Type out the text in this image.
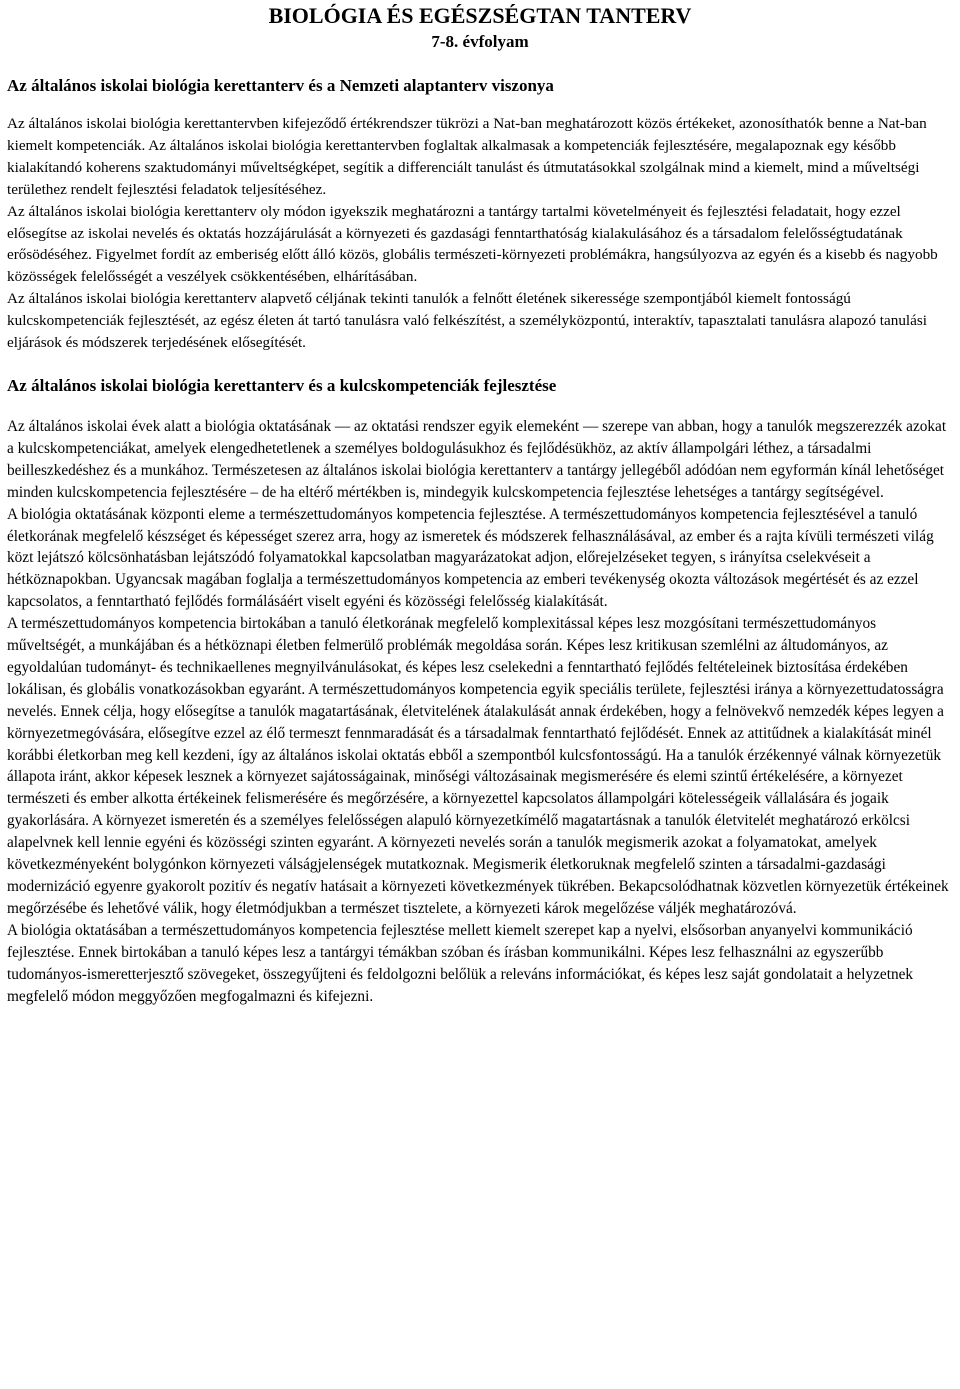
BIOLÓGIA ÉS EGÉSZSÉGTAN TANTERV
7-8. évfolyam
Az általános iskolai biológia kerettanterv és a Nemzeti alaptanterv viszonya

Az általános iskolai biológia kerettantervben kifejeződő értékrendszer tükrözi a Nat-ban meghatározott közös értékeket, azonosíthatók benne a Nat-ban kiemelt kompetenciák. Az általános iskolai biológia kerettantervben foglaltak alkalmasak a kompetenciák fejlesztésére, megalapoznak egy később kialakítandó koherens szaktudományi műveltségképet, segítik a differenciált tanulást és útmutatásokkal szolgálnak mind a kiemelt, mind a műveltségi területhez rendelt fejlesztési feladatok teljesítéséhez.

Az általános iskolai biológia kerettanterv oly módon igyekszik meghatározni a tantárgy tartalmi követelményeit és fejlesztési feladatait, hogy ezzel elősegítse az iskolai nevelés és oktatás hozzájárulását a környezeti és gazdasági fenntarthatóság kialakulásához és a társadalom felelősségtudatának erősödéséhez. Figyelmet fordít az emberiség előtt álló közös, globális természeti-környezeti problémákra, hangsúlyozva az egyén és a kisebb és nagyobb közösségek felelősségét a veszélyek csökkentésében, elhárításában.

Az általános iskolai biológia kerettanterv alapvető céljának tekinti tanulók a felnőtt életének sikeressége szempontjából kiemelt fontosságú kulcskompetenciák fejlesztését, az egész életen át tartó tanulásra való felkészítést, a személyközpontú, interaktív, tapasztalati tanulásra alapozó tanulási eljárások és módszerek terjedésének elősegítését.

Az általános iskolai biológia kerettanterv és a kulcskompetenciák fejlesztése

Az általános iskolai évek alatt a biológia oktatásának — az oktatási rendszer egyik elemeként — szerepe van abban, hogy a tanulók megszerezzék azokat a kulcskompetenciákat, amelyek elengedhetetlenek a személyes boldogulásukhoz és fejlődésükhöz, az aktív állampolgári léthez, a társadalmi beilleszkedéshez és a munkához. Természetesen az általános iskolai biológia kerettanterv a tantárgy jellegéből adódóan nem egyformán kínál lehetőséget minden kulcskompetencia fejlesztésére – de ha eltérő mértékben is, mindegyik kulcskompetencia fejlesztése lehetséges a tantárgy segítségével.

A biológia oktatásának központi eleme a természettudományos kompetencia fejlesztése. A természettudományos kompetencia fejlesztésével a tanuló életkorának megfelelő készséget és képességet szerez arra, hogy az ismeretek és módszerek felhasználásával, az ember és a rajta kívüli természeti világ közt lejátszó kölcsönhatásban lejátszódó folyamatokkal kapcsolatban magyarázatokat adjon, előrejelzéseket tegyen, s irányítsa cselekvéseit a hétköznapokban. Ugyancsak magában foglalja a természettudományos kompetencia az emberi tevékenység okozta változások megértését és az ezzel kapcsolatos, a fenntartható fejlődés formálásáért viselt egyéni és közösségi felelősség kialakítását.

A természettudományos kompetencia birtokában a tanuló életkorának megfelelő komplexitással képes lesz mozgósítani természettudományos műveltségét, a munkájában és a hétköznapi életben felmerülő problémák megoldása során. Képes lesz kritikusan szemlélni az áltudományos, az egyoldalúan tudományt- és technikaellenes megnyilvánulásokat, és képes lesz cselekedni a fenntartható fejlődés feltételeinek biztosítása érdekében lokálisan, és globális vonatkozásokban egyaránt. A természettudományos kompetencia egyik speciális területe, fejlesztési iránya a környezettudatosságra nevelés. Ennek célja, hogy elősegítse a tanulók magatartásának, életvitelének átalakulását annak érdekében, hogy a felnövekvő nemzedék képes legyen a környezetmegóvására, elősegítve ezzel az élő termeszt fennmaradását és a társadalmak fenntartható fejlődését. Ennek az attitűdnek a kialakítását minél korábbi életkorban meg kell kezdeni, így az általános iskolai oktatás ebből a szempontból kulcsfontosságú. Ha a tanulók érzékennyé válnak környezetük állapota iránt, akkor képesek lesznek a környezet sajátosságainak, minőségi változásainak megismerésére és elemi szintű értékelésére, a környezet természeti és ember alkotta értékeinek felismerésére és megőrzésére, a környezettel kapcsolatos állampolgári kötelességeik vállalására és jogaik gyakorlására. A környezet ismeretén és a személyes felelősségen alapuló környezetkímélő magatartásnak a tanulók életvitelét meghatározó erkölcsi alapelvnek kell lennie egyéni és közösségi szinten egyaránt. A környezeti nevelés során a tanulók megismerik azokat a folyamatokat, amelyek következményeként bolygónkon környezeti válságjelenségek mutatkoznak. Megismerik életkoruknak megfelelő szinten a társadalmi-gazdasági modernizáció egyenre gyakorolt pozitív és negatív hatásait a környezeti következmények tükrében. Bekapcsolódhatnak közvetlen környezetük értékeinek megőrzésébe és lehetővé válik, hogy életmódjukban a természet tisztelete, a környezeti károk megelőzése váljék meghatározóvá.

A biológia oktatásában a természettudományos kompetencia fejlesztése mellett kiemelt szerepet kap a nyelvi, elsősorban anyanyelvi kommunikáció fejlesztése. Ennek birtokában a tanuló képes lesz a tantárgyi témákban szóban és írásban kommunikálni. Képes lesz felhasználni az egyszerűbb tudományos-ismeretterjesztő szövegeket, összegyűjteni és feldolgozni belőlük a releváns információkat, és képes lesz saját gondolatait a helyzetnek megfelelő módon meggyőzően megfogalmazni és kifejezni.
